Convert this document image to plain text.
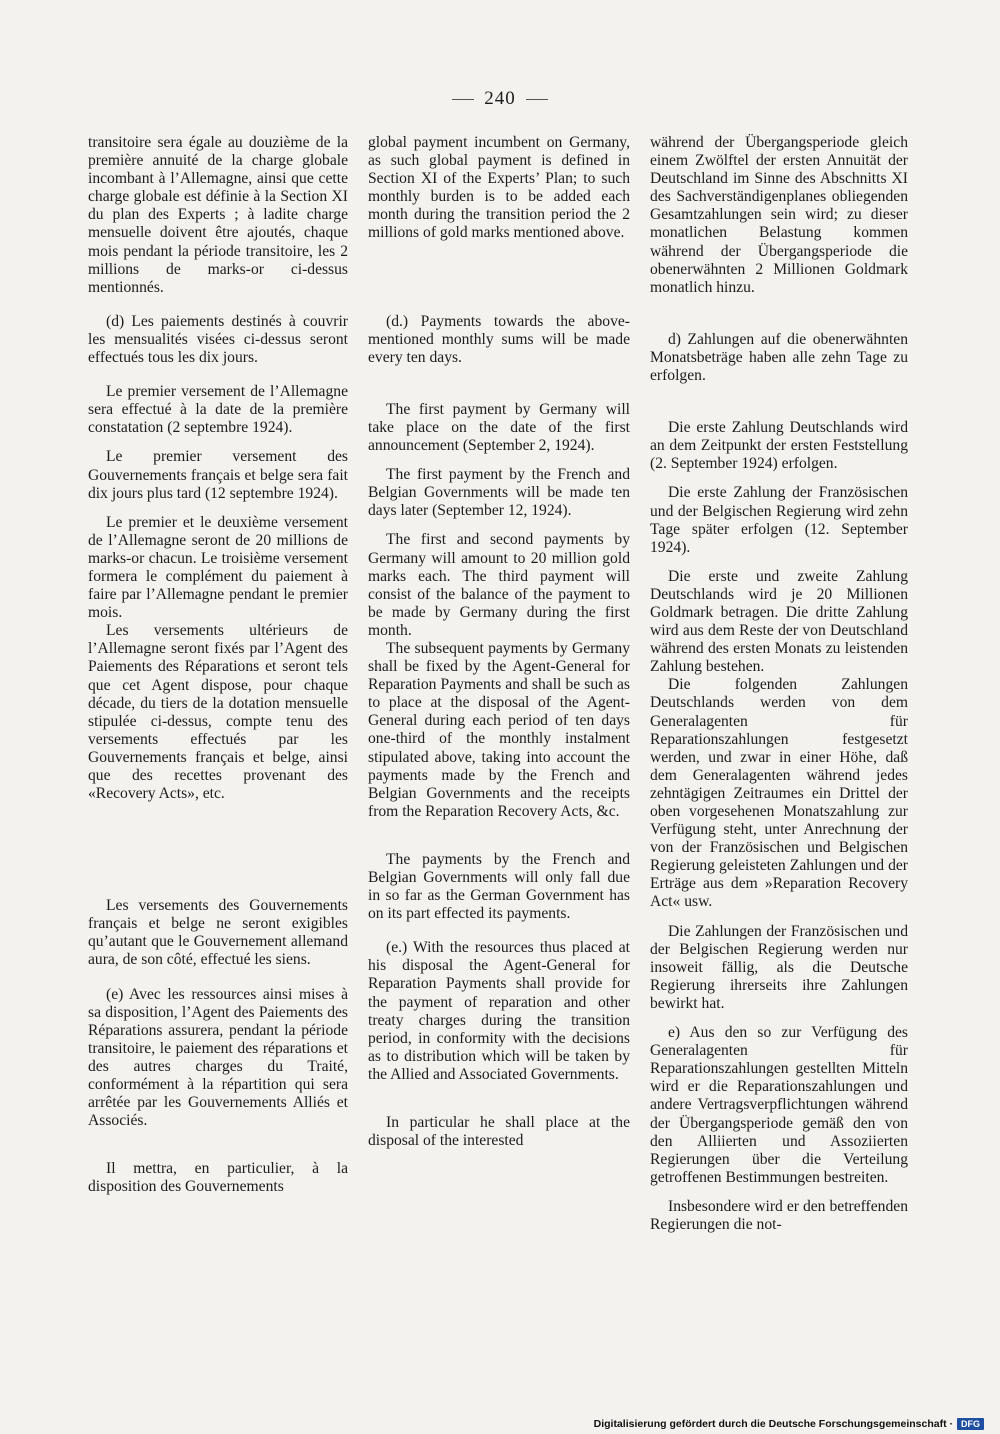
240

transitoire sera égale au douzième de la première annuité de la charge globale incombant à l’Allemagne, ainsi que cette charge globale est définie à la Section XI du plan des Experts ; à ladite charge mensuelle doivent être ajoutés, chaque mois pendant la période transitoire, les 2 millions de marks-or ci-dessus mentionnés.

(d) Les paiements destinés à couvrir les mensualités visées ci-dessus seront effectués tous les dix jours.

Le premier versement de l’Allemagne sera effectué à la date de la première constatation (2 septembre 1924).

Le premier versement des Gouvernements français et belge sera fait dix jours plus tard (12 septembre 1924).

Le premier et le deuxième versement de l’Allemagne seront de 20 millions de marks-or chacun. Le troisième versement formera le complément du paiement à faire par l’Allemagne pendant le premier mois.

Les versements ultérieurs de l’Allemagne seront fixés par l’Agent des Paiements des Réparations et seront tels que cet Agent dispose, pour chaque décade, du tiers de la dotation mensuelle stipulée ci-dessus, compte tenu des versements effectués par les Gouvernements français et belge, ainsi que des recettes provenant des «Recovery Acts», etc.

Les versements des Gouvernements français et belge ne seront exigibles qu’autant que le Gouvernement allemand aura, de son côté, effectué les siens.

(e) Avec les ressources ainsi mises à sa disposition, l’Agent des Paiements des Réparations assurera, pendant la période transitoire, le paiement des réparations et des autres charges du Traité, conformément à la répartition qui sera arrêtée par les Gouvernements Alliés et Associés.

Il mettra, en particulier, à la disposition des Gouvernements

global payment incumbent on Germany, as such global payment is defined in Section XI of the Experts’ Plan; to such monthly burden is to be added each month during the transition period the 2 millions of gold marks mentioned above.

(d.) Payments towards the above-mentioned monthly sums will be made every ten days.

The first payment by Germany will take place on the date of the first announcement (September 2, 1924).

The first payment by the French and Belgian Governments will be made ten days later (September 12, 1924).

The first and second payments by Germany will amount to 20 million gold marks each. The third payment will consist of the balance of the payment to be made by Germany during the first month.

The subsequent payments by Germany shall be fixed by the Agent-General for Reparation Payments and shall be such as to place at the disposal of the Agent-General during each period of ten days one-third of the monthly instalment stipulated above, taking into account the payments made by the French and Belgian Governments and the receipts from the Reparation Recovery Acts, &c.

The payments by the French and Belgian Governments will only fall due in so far as the German Government has on its part effected its payments.

(e.) With the resources thus placed at his disposal the Agent-General for Reparation Payments shall provide for the payment of reparation and other treaty charges during the transition period, in conformity with the decisions as to distribution which will be taken by the Allied and Associated Governments.

In particular he shall place at the disposal of the interested

während der Übergangsperiode gleich einem Zwölftel der ersten Annuität der Deutschland im Sinne des Abschnitts XI des Sachverständigenplanes obliegenden Gesamtzahlungen sein wird; zu dieser monatlichen Belastung kommen während der Übergangsperiode die obenerwähnten 2 Millionen Goldmark monatlich hinzu.

d) Zahlungen auf die obenerwähnten Monatsbeträge haben alle zehn Tage zu erfolgen.

Die erste Zahlung Deutschlands wird an dem Zeitpunkt der ersten Feststellung (2. September 1924) erfolgen.

Die erste Zahlung der Französischen und der Belgischen Regierung wird zehn Tage später erfolgen (12. September 1924).

Die erste und zweite Zahlung Deutschlands wird je 20 Millionen Goldmark betragen. Die dritte Zahlung wird aus dem Reste der von Deutschland während des ersten Monats zu leistenden Zahlung bestehen.

Die folgenden Zahlungen Deutschlands werden von dem Generalagenten für Reparationszahlungen festgesetzt werden, und zwar in einer Höhe, daß dem Generalagenten während jedes zehntägigen Zeitraumes ein Drittel der oben vorgesehenen Monatszahlung zur Verfügung steht, unter Anrechnung der von der Französischen und Belgischen Regierung geleisteten Zahlungen und der Erträge aus dem »Reparation Recovery Act« usw.

Die Zahlungen der Französischen und der Belgischen Regierung werden nur insoweit fällig, als die Deutsche Regierung ihrerseits ihre Zahlungen bewirkt hat.

e) Aus den so zur Verfügung des Generalagenten für Reparationszahlungen gestellten Mitteln wird er die Reparationszahlungen und andere Vertragsverpflichtungen während der Übergangsperiode gemäß den von den Alliierten und Assoziierten Regierungen über die Verteilung getroffenen Bestimmungen bestreiten.

Insbesondere wird er den betreffenden Regierungen die not-

Digitalisierung gefördert durch die Deutsche Forschungsgemeinschaft · DFG
